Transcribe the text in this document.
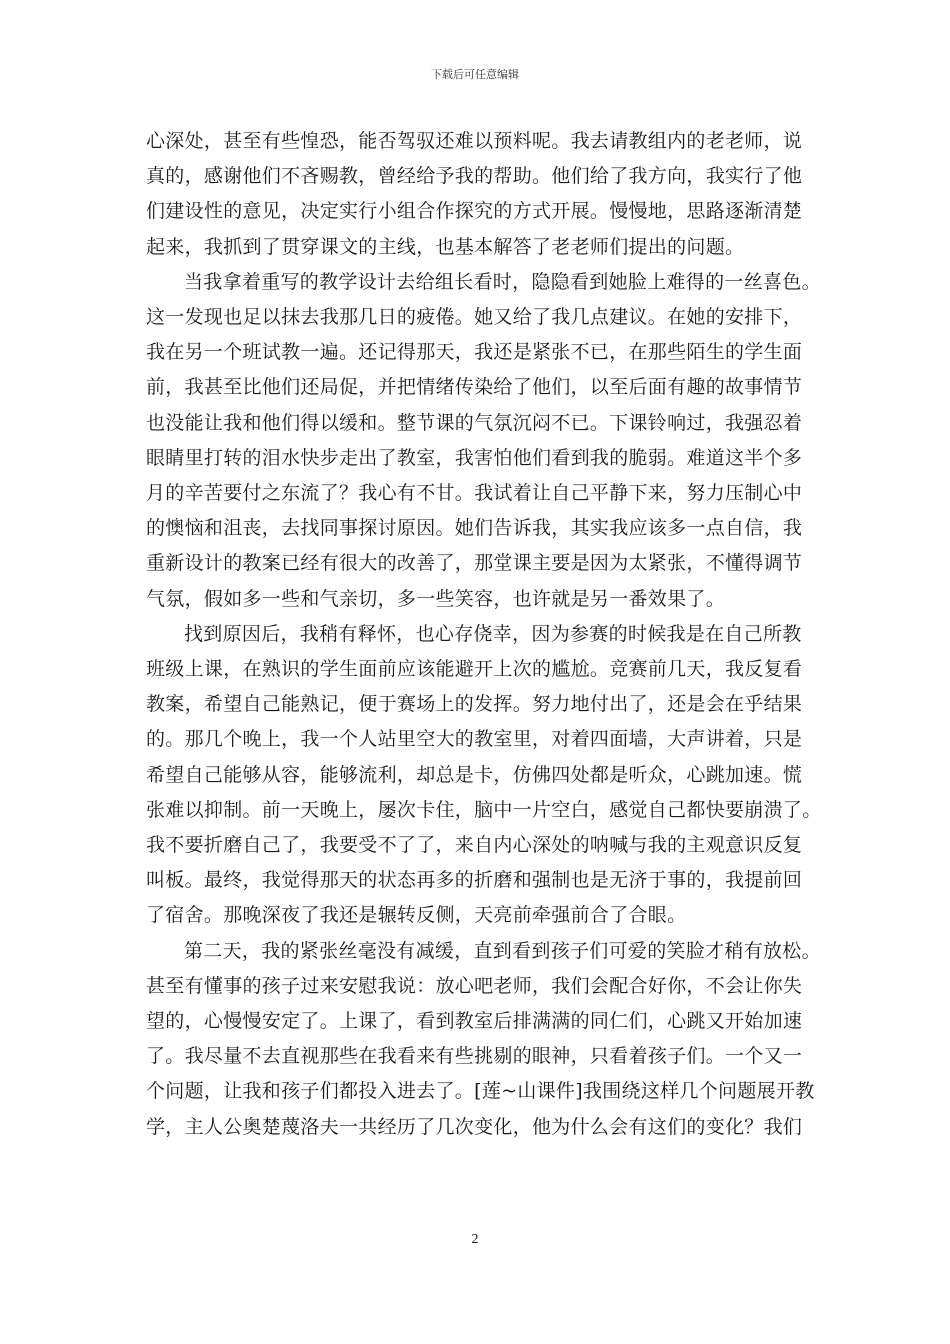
下载后可任意编辑
心深处，甚至有些惶恐，能否驾驭还难以预料呢。我去请教组内的老老师，说
真的，感谢他们不吝赐教，曾经给予我的帮助。他们给了我方向，我实行了他
们建设性的意见，决定实行小组合作探究的方式开展。慢慢地，思路逐渐清楚
起来，我抓到了贯穿课文的主线，也基本解答了老老师们提出的问题。
当我拿着重写的教学设计去给组长看时，隐隐看到她脸上难得的一丝喜色。
这一发现也足以抹去我那几日的疲倦。她又给了我几点建议。在她的安排下，
我在另一个班试教一遍。还记得那天，我还是紧张不已，在那些陌生的学生面
前，我甚至比他们还局促，并把情绪传染给了他们，以至后面有趣的故事情节
也没能让我和他们得以缓和。整节课的气氛沉闷不已。下课铃响过，我强忍着
眼睛里打转的泪水快步走出了教室，我害怕他们看到我的脆弱。难道这半个多
月的辛苦要付之东流了？我心有不甘。我试着让自己平静下来，努力压制心中
的懊恼和沮丧，去找同事探讨原因。她们告诉我，其实我应该多一点自信，我
重新设计的教案已经有很大的改善了，那堂课主要是因为太紧张，不懂得调节
气氛，假如多一些和气亲切，多一些笑容，也许就是另一番效果了。
找到原因后，我稍有释怀，也心存侥幸，因为参赛的时候我是在自己所教
班级上课，在熟识的学生面前应该能避开上次的尴尬。竞赛前几天，我反复看
教案，希望自己能熟记，便于赛场上的发挥。努力地付出了，还是会在乎结果
的。那几个晚上，我一个人站里空大的教室里，对着四面墙，大声讲着，只是
希望自己能够从容，能够流利，却总是卡，仿佛四处都是听众，心跳加速。慌
张难以抑制。前一天晚上，屡次卡住，脑中一片空白，感觉自己都快要崩溃了。
我不要折磨自己了，我要受不了了，来自内心深处的呐喊与我的主观意识反复
叫板。最终，我觉得那天的状态再多的折磨和强制也是无济于事的，我提前回
了宿舍。那晚深夜了我还是辗转反侧，天亮前牵强前合了合眼。
第二天，我的紧张丝毫没有减缓，直到看到孩子们可爱的笑脸才稍有放松。
甚至有懂事的孩子过来安慰我说：放心吧老师，我们会配合好你，不会让你失
望的，心慢慢安定了。上课了，看到教室后排满满的同仁们，心跳又开始加速
了。我尽量不去直视那些在我看来有些挑剔的眼神，只看着孩子们。一个又一
个问题，让我和孩子们都投入进去了。[莲~山课件]我围绕这样几个问题展开教
学，主人公奥楚蔑洛夫一共经历了几次变化，他为什么会有这们的变化？我们
2
